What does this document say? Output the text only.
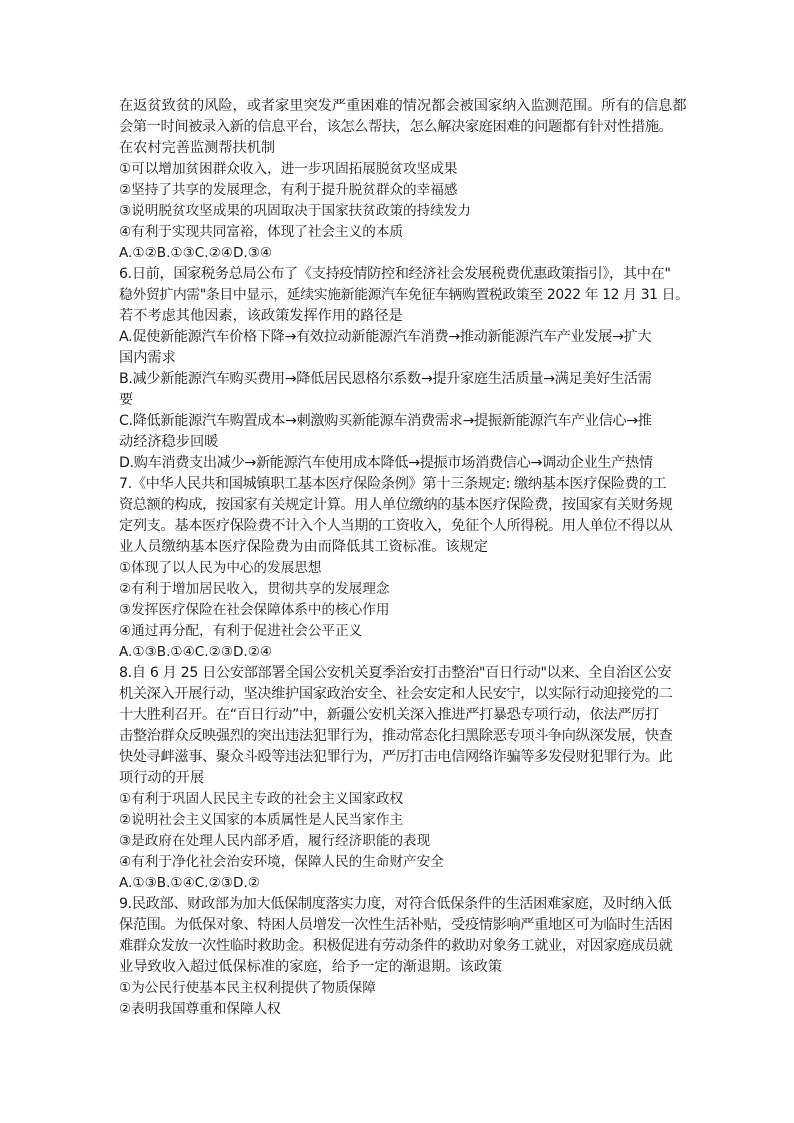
在返贫致贫的风险，或者家里突发严重困难的情况都会被国家纳入监测范围。所有的信息都
会第一时间被录入新的信息平台，该怎么帮扶，怎么解决家庭困难的问题都有针对性措施。
在农村完善监测帮扶机制
①可以增加贫困群众收入，进一步巩固拓展脱贫攻坚成果
②坚持了共享的发展理念，有利于提升脱贫群众的幸福感
③说明脱贫攻坚成果的巩固取决于国家扶贫政策的持续发力
④有利于实现共同富裕，体现了社会主义的本质
A.①②B.①③C.②④D.③④
6.日前，国家税务总局公布了《支持疫情防控和经济社会发展税费优惠政策指引》，其中在"
稳外贸扩内需"条目中显示，延续实施新能源汽车免征车辆购置税政策至 2022 年 12 月 31 日。
若不考虑其他因素，该政策发挥作用的路径是
A.促使新能源汽车价格下降→有效拉动新能源汽车消费→推动新能源汽车产业发展→扩大
国内需求
B.减少新能源汽车购买费用→降低居民恩格尔系数→提升家庭生活质量→满足美好生活需
要
C.降低新能源汽车购置成本→刺激购买新能源车消费需求→提振新能源汽车产业信心→推
动经济稳步回暖
D.购车消费支出减少→新能源汽车使用成本降低→提振市场消费信心→调动企业生产热情
7.《中华人民共和国城镇职工基本医疗保险条例》第十三条规定: 缴纳基本医疗保险费的工
资总额的构成，按国家有关规定计算。用人单位缴纳的基本医疗保险费，按国家有关财务规
定列支。基本医疗保险费不计入个人当期的工资收入，免征个人所得税。用人单位不得以从
业人员缴纳基本医疗保险费为由而降低其工资标准。该规定
①体现了以人民为中心的发展思想
②有利于增加居民收入，贯彻共享的发展理念
③发挥医疗保险在社会保障体系中的核心作用
④通过再分配，有利于促进社会公平正义
A.①③B.①④C.②③D.②④
8.自 6 月 25 日公安部部署全国公安机关夏季治安打击整治"百日行动"以来、全自治区公安
机关深入开展行动，坚决维护国家政治安全、社会安定和人民安宁，以实际行动迎接党的二
十大胜利召开。在“百日行动”中，新疆公安机关深入推进严打暴恐专项行动，依法严厉打
击整治群众反映强烈的突出违法犯罪行为，推动常态化扫黑除恶专项斗争向纵深发展，快查
快处寻衅滋事、聚众斗殴等违法犯罪行为，严厉打击电信网络诈骗等多发侵财犯罪行为。此
项行动的开展
①有利于巩固人民民主专政的社会主义国家政权
②说明社会主义国家的本质属性是人民当家作主
③是政府在处理人民内部矛盾，履行经济职能的表现
④有利于净化社会治安环境，保障人民的生命财产安全
A.①③B.①④C.②③D.②
9.民政部、财政部为加大低保制度落实力度，对符合低保条件的生活困难家庭，及时纳入低
保范围。为低保对象、特困人员增发一次性生活补贴，受疫情影响严重地区可为临时生活困
难群众发放一次性临时救助金。积极促进有劳动条件的救助对象务工就业，对因家庭成员就
业导致收入超过低保标准的家庭，给予一定的渐退期。该政策
①为公民行使基本民主权利提供了物质保障
②表明我国尊重和保障人权
